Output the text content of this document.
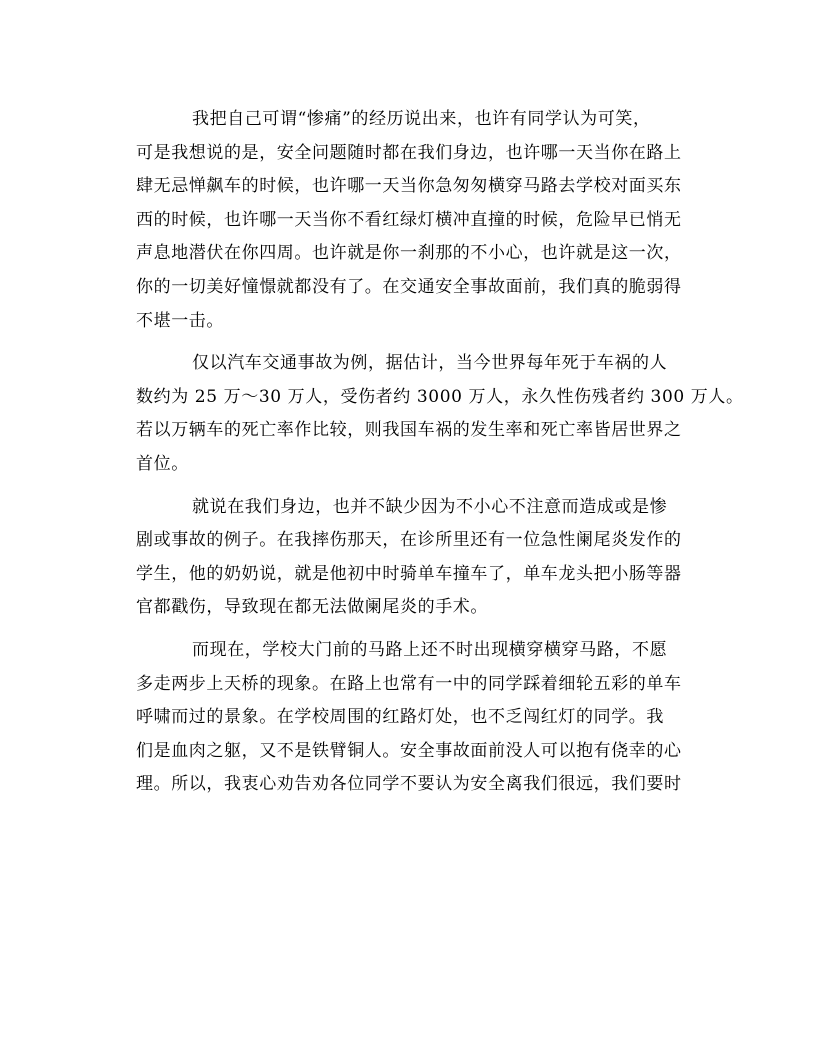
我把自己可谓“惨痛”的经历说出来，也许有同学认为可笑，
可是我想说的是，安全问题随时都在我们身边，也许哪一天当你在路上
肆无忌惮飙车的时候，也许哪一天当你急匆匆横穿马路去学校对面买东
西的时候，也许哪一天当你不看红绿灯横冲直撞的时候，危险早已悄无
声息地潜伏在你四周。也许就是你一刹那的不小心，也许就是这一次，
你的一切美好憧憬就都没有了。在交通安全事故面前，我们真的脆弱得
不堪一击。
仅以汽车交通事故为例，据估计，当今世界每年死于车祸的人
数约为 25 万～30 万人，受伤者约 3000 万人，永久性伤残者约 300 万人。
若以万辆车的死亡率作比较，则我国车祸的发生率和死亡率皆居世界之
首位。
就说在我们身边，也并不缺少因为不小心不注意而造成或是惨
剧或事故的例子。在我摔伤那天，在诊所里还有一位急性阑尾炎发作的
学生，他的奶奶说，就是他初中时骑单车撞车了，单车龙头把小肠等器
官都戳伤，导致现在都无法做阑尾炎的手术。
而现在，学校大门前的马路上还不时出现横穿横穿马路，不愿
多走两步上天桥的现象。在路上也常有一中的同学踩着细轮五彩的单车
呼啸而过的景象。在学校周围的红路灯处，也不乏闯红灯的同学。我
们是血肉之躯，又不是铁臂铜人。安全事故面前没人可以抱有侥幸的心
理。所以，我衷心劝告劝各位同学不要认为安全离我们很远，我们要时
